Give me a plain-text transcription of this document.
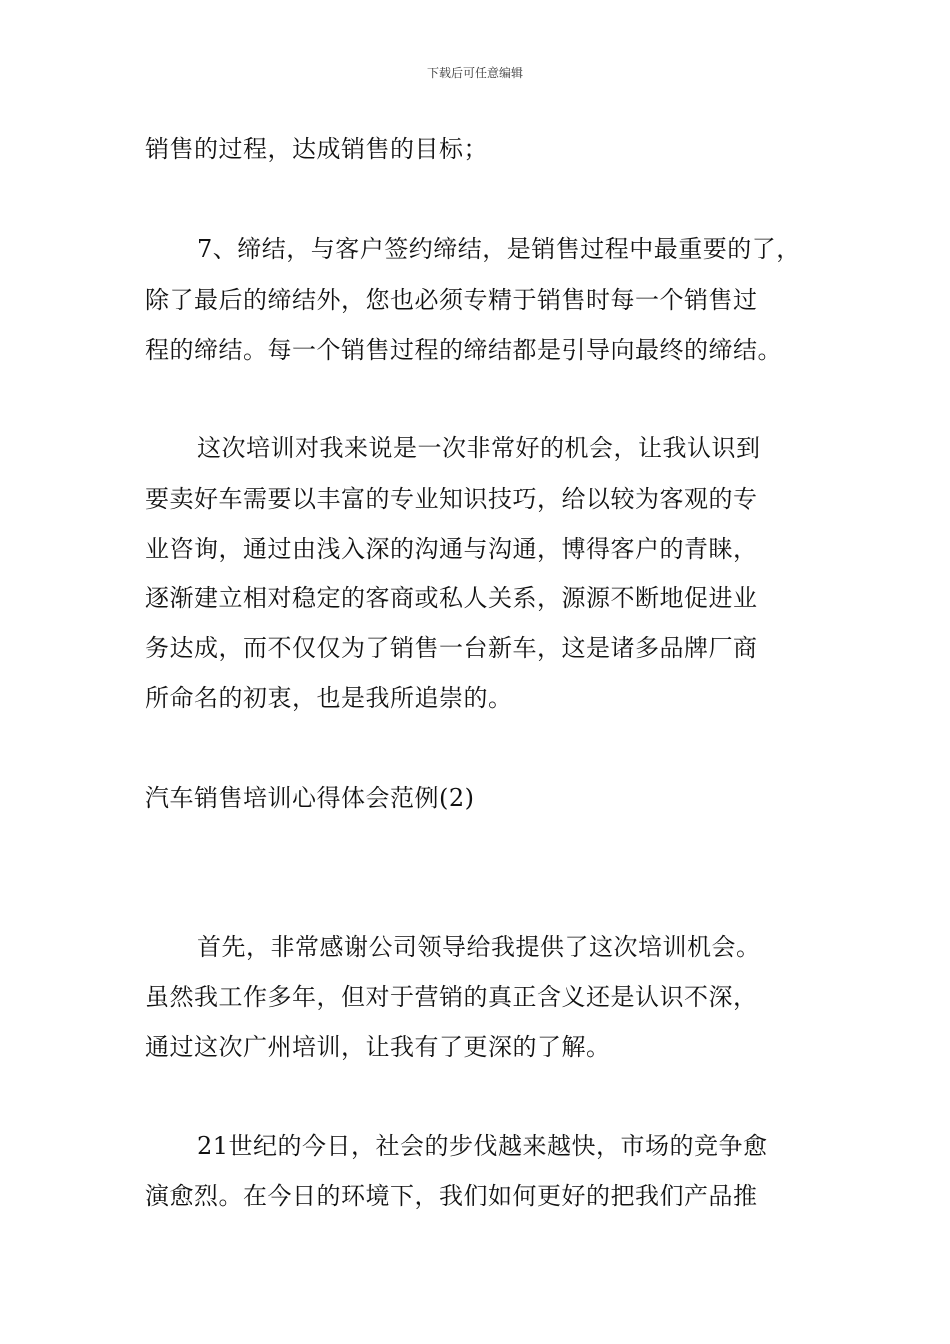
下载后可任意编辑
销售的过程，达成销售的目标；
7、缔结，与客户签约缔结，是销售过程中最重要的了，
除了最后的缔结外，您也必须专精于销售时每一个销售过
程的缔结。每一个销售过程的缔结都是引导向最终的缔结。
这次培训对我来说是一次非常好的机会，让我认识到
要卖好车需要以丰富的专业知识技巧，给以较为客观的专
业咨询，通过由浅入深的沟通与沟通，博得客户的青睐，
逐渐建立相对稳定的客商或私人关系，源源不断地促进业
务达成，而不仅仅为了销售一台新车，这是诸多品牌厂商
所命名的初衷，也是我所追崇的。
汽车销售培训心得体会范例(2)
首先，非常感谢公司领导给我提供了这次培训机会。
虽然我工作多年，但对于营销的真正含义还是认识不深，
通过这次广州培训，让我有了更深的了解。
21世纪的今日，社会的步伐越来越快，市场的竞争愈
演愈烈。在今日的环境下，我们如何更好的把我们产品推
